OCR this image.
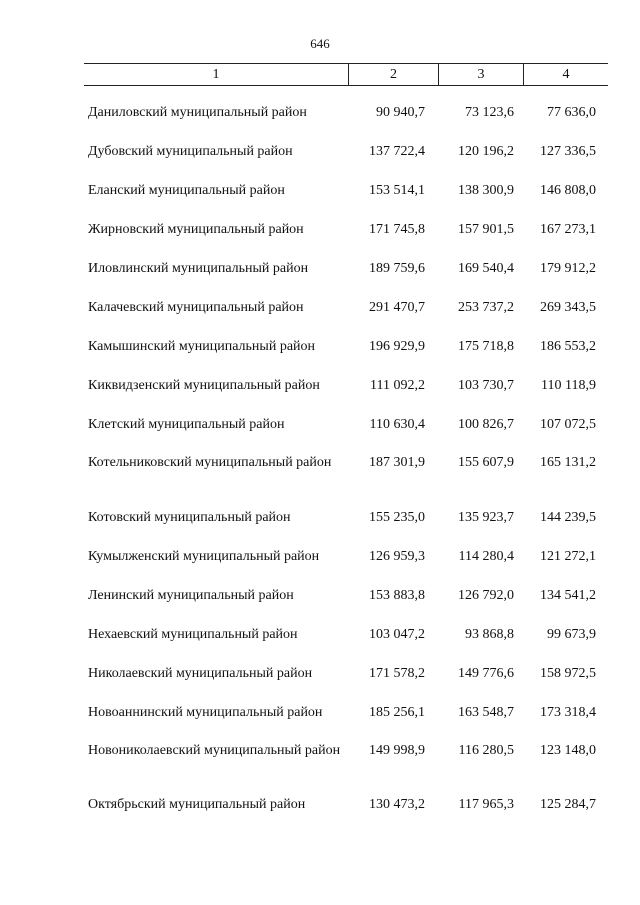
646
1	2	3	4
Даниловский муниципальный район	90 940,7	73 123,6	77 636,0
Дубовский муниципальный район	137 722,4	120 196,2	127 336,5
Еланский муниципальный район	153 514,1	138 300,9	146 808,0
Жирновский муниципальный район	171 745,8	157 901,5	167 273,1
Иловлинский муниципальный район	189 759,6	169 540,4	179 912,2
Калачевский муниципальный район	291 470,7	253 737,2	269 343,5
Камышинский муниципальный район	196 929,9	175 718,8	186 553,2
Киквидзенский муниципальный район	111 092,2	103 730,7	110 118,9
Клетский муниципальный район	110 630,4	100 826,7	107 072,5
Котельниковский муниципальный район	187 301,9	155 607,9	165 131,2
Котовский муниципальный район	155 235,0	135 923,7	144 239,5
Кумылженский муниципальный район	126 959,3	114 280,4	121 272,1
Ленинский муниципальный район	153 883,8	126 792,0	134 541,2
Нехаевский муниципальный район	103 047,2	93 868,8	99 673,9
Николаевский муниципальный район	171 578,2	149 776,6	158 972,5
Новоаннинский муниципальный район	185 256,1	163 548,7	173 318,4
Новониколаевский муниципальный район	149 998,9	116 280,5	123 148,0
Октябрьский муниципальный район	130 473,2	117 965,3	125 284,7
